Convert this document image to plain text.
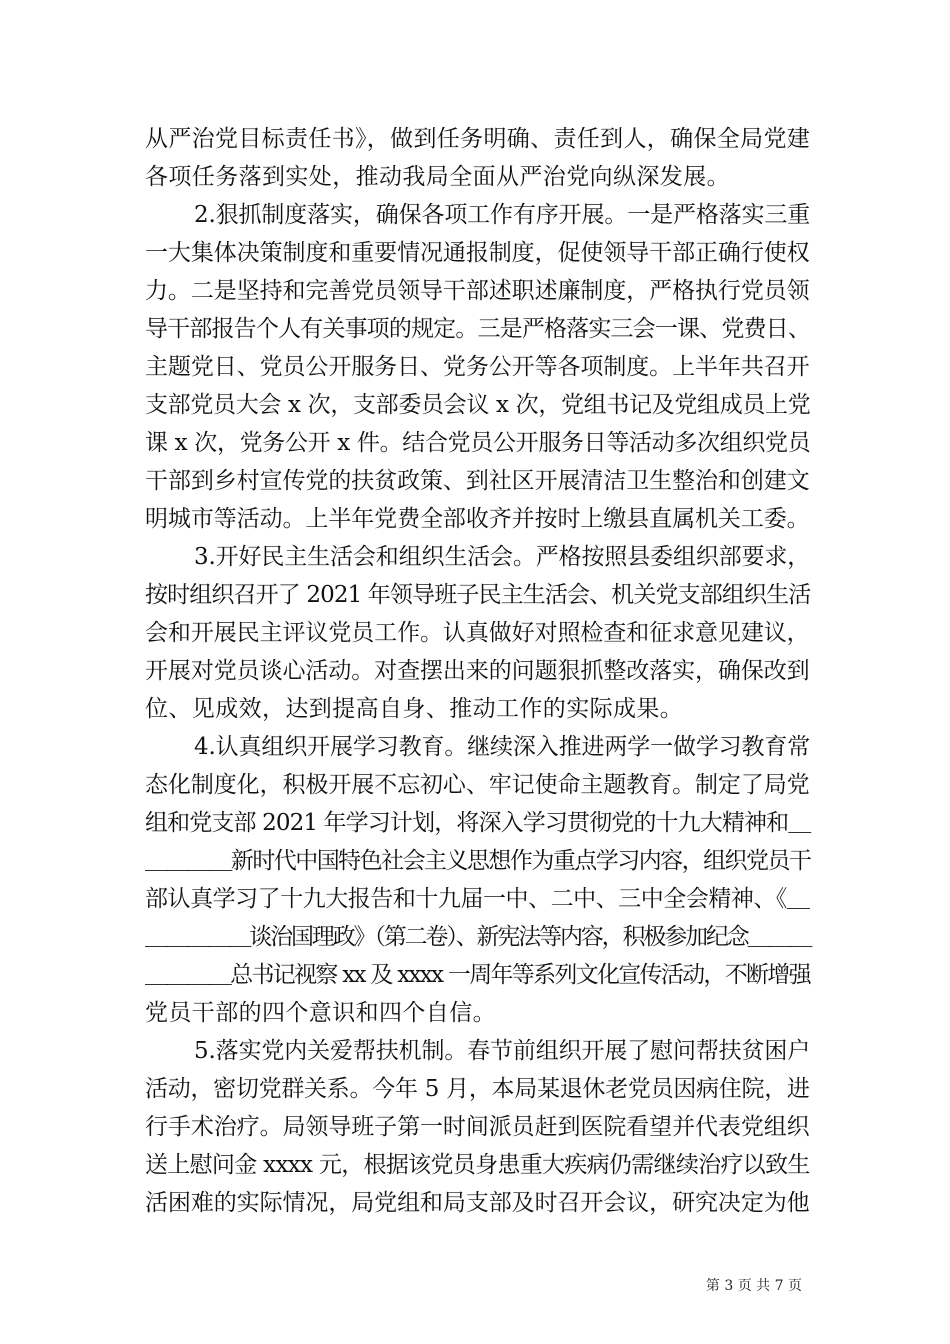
从严治党目标责任书》，做到任务明确、责任到人，确保全局党建
各项任务落到实处，推动我局全面从严治党向纵深发展。
2.狠抓制度落实，确保各项工作有序开展。一是严格落实三重
一大集体决策制度和重要情况通报制度，促使领导干部正确行使权
力。二是坚持和完善党员领导干部述职述廉制度，严格执行党员领
导干部报告个人有关事项的规定。三是严格落实三会一课、党费日、
主题党日、党员公开服务日、党务公开等各项制度。上半年共召开
支部党员大会 x 次，支部委员会议 x 次，党组书记及党组成员上党
课 x 次，党务公开 x 件。结合党员公开服务日等活动多次组织党员
干部到乡村宣传党的扶贫政策、到社区开展清洁卫生整治和创建文
明城市等活动。上半年党费全部收齐并按时上缴县直属机关工委。
3.开好民主生活会和组织生活会。严格按照县委组织部要求，
按时组织召开了 2021 年领导班子民主生活会、机关党支部组织生活
会和开展民主评议党员工作。认真做好对照检查和征求意见建议，
开展对党员谈心活动。对查摆出来的问题狠抓整改落实，确保改到
位、见成效，达到提高自身、推动工作的实际成果。
4.认真组织开展学习教育。继续深入推进两学一做学习教育常
态化制度化，积极开展不忘初心、牢记使命主题教育。制定了局党
组和党支部 2021 年学习计划，将深入学习贯彻党的十九大精神和＿
＿＿＿＿新时代中国特色社会主义思想作为重点学习内容，组织党员干
部认真学习了十九大报告和十九届一中、二中、三中全会精神、《＿
＿＿＿＿＿谈治国理政》（第二卷）、新宪法等内容，积极参加纪念＿＿＿
＿＿＿＿总书记视察 xx 及 xxxx 一周年等系列文化宣传活动，不断增强
党员干部的四个意识和四个自信。
5.落实党内关爱帮扶机制。春节前组织开展了慰问帮扶贫困户
活动，密切党群关系。今年 5 月，本局某退休老党员因病住院，进
行手术治疗。局领导班子第一时间派员赶到医院看望并代表党组织
送上慰问金 xxxx 元，根据该党员身患重大疾病仍需继续治疗以致生
活困难的实际情况，局党组和局支部及时召开会议，研究决定为他
第 3 页 共 7 页
